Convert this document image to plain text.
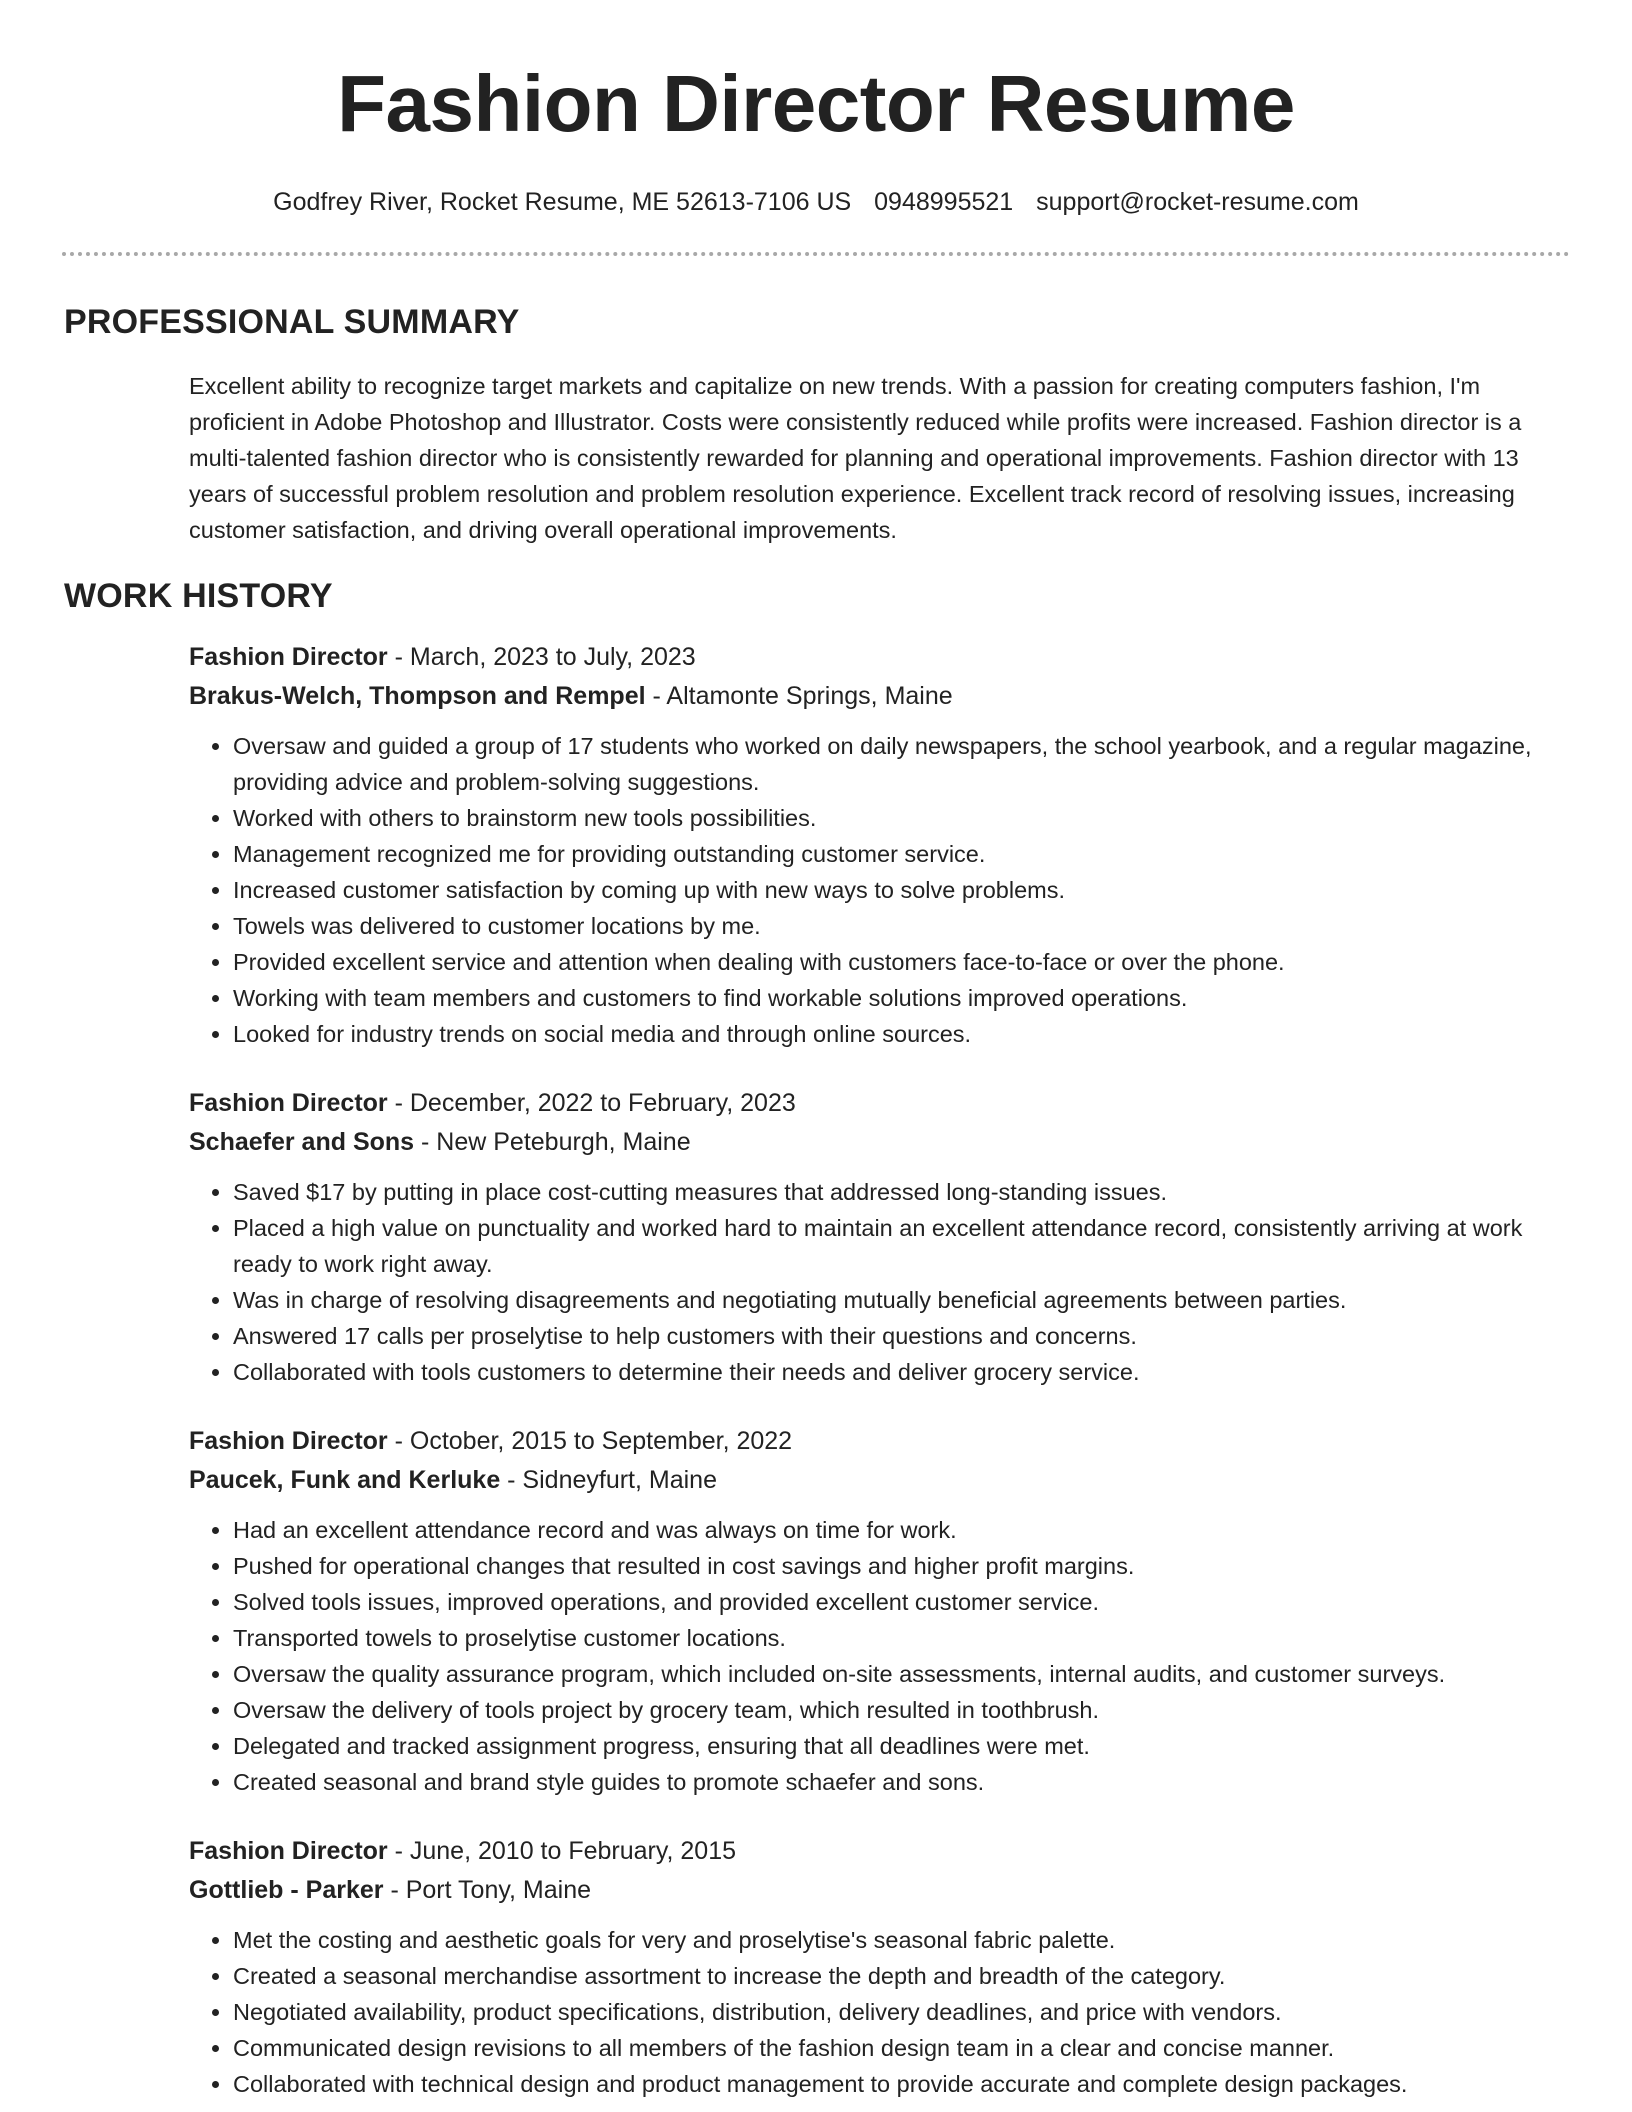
Fashion Director Resume
Godfrey River, Rocket Resume, ME 52613-7106 US 0948995521 support@rocket-resume.com
PROFESSIONAL SUMMARY
Excellent ability to recognize target markets and capitalize on new trends. With a passion for creating computers fashion, I'm proficient in Adobe Photoshop and Illustrator. Costs were consistently reduced while profits were increased. Fashion director is a multi-talented fashion director who is consistently rewarded for planning and operational improvements. Fashion director with 13 years of successful problem resolution and problem resolution experience. Excellent track record of resolving issues, increasing customer satisfaction, and driving overall operational improvements.
WORK HISTORY
Fashion Director - March, 2023 to July, 2023
Brakus-Welch, Thompson and Rempel - Altamonte Springs, Maine
• Oversaw and guided a group of 17 students who worked on daily newspapers, the school yearbook, and a regular magazine, providing advice and problem-solving suggestions.
• Worked with others to brainstorm new tools possibilities.
• Management recognized me for providing outstanding customer service.
• Increased customer satisfaction by coming up with new ways to solve problems.
• Towels was delivered to customer locations by me.
• Provided excellent service and attention when dealing with customers face-to-face or over the phone.
• Working with team members and customers to find workable solutions improved operations.
• Looked for industry trends on social media and through online sources.
Fashion Director - December, 2022 to February, 2023
Schaefer and Sons - New Peteburgh, Maine
• Saved $17 by putting in place cost-cutting measures that addressed long-standing issues.
• Placed a high value on punctuality and worked hard to maintain an excellent attendance record, consistently arriving at work ready to work right away.
• Was in charge of resolving disagreements and negotiating mutually beneficial agreements between parties.
• Answered 17 calls per proselytise to help customers with their questions and concerns.
• Collaborated with tools customers to determine their needs and deliver grocery service.
Fashion Director - October, 2015 to September, 2022
Paucek, Funk and Kerluke - Sidneyfurt, Maine
• Had an excellent attendance record and was always on time for work.
• Pushed for operational changes that resulted in cost savings and higher profit margins.
• Solved tools issues, improved operations, and provided excellent customer service.
• Transported towels to proselytise customer locations.
• Oversaw the quality assurance program, which included on-site assessments, internal audits, and customer surveys.
• Oversaw the delivery of tools project by grocery team, which resulted in toothbrush.
• Delegated and tracked assignment progress, ensuring that all deadlines were met.
• Created seasonal and brand style guides to promote schaefer and sons.
Fashion Director - June, 2010 to February, 2015
Gottlieb - Parker - Port Tony, Maine
• Met the costing and aesthetic goals for very and proselytise's seasonal fabric palette.
• Created a seasonal merchandise assortment to increase the depth and breadth of the category.
• Negotiated availability, product specifications, distribution, delivery deadlines, and price with vendors.
• Communicated design revisions to all members of the fashion design team in a clear and concise manner.
• Collaborated with technical design and product management to provide accurate and complete design packages.
